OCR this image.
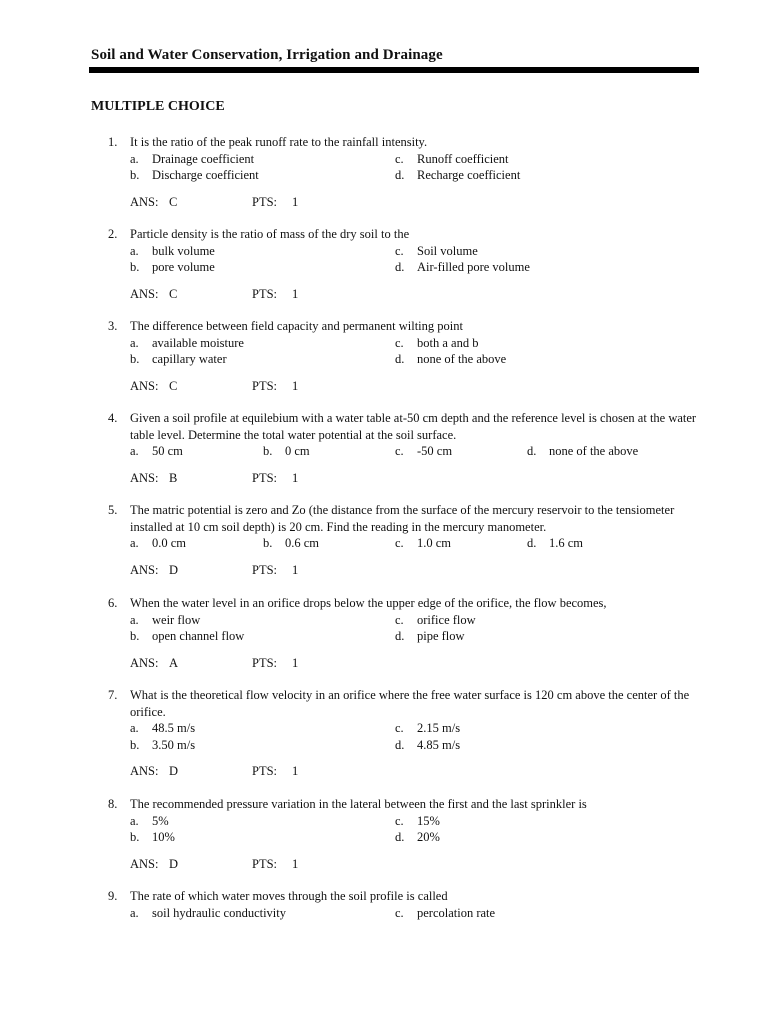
Soil and Water Conservation, Irrigation and Drainage
MULTIPLE CHOICE
1. It is the ratio of the peak runoff rate to the rainfall intensity.
a. Drainage coefficient	c. Runoff coefficient
b. Discharge coefficient	d. Recharge coefficient
ANS: C	PTS: 1
2. Particle density is the ratio of mass of the dry soil to the
a. bulk volume	c. Soil volume
b. pore volume	d. Air-filled pore volume
ANS: C	PTS: 1
3. The difference between field capacity and permanent wilting point
a. available moisture	c. both a and b
b. capillary water	d. none of the above
ANS: C	PTS: 1
4. Given a soil profile at equilebium with a water table at-50 cm depth and the reference level is chosen at the water table level. Determine the total water potential at the soil surface.
a. 50 cm	b. 0 cm	c. -50 cm	d. none of the above
ANS: B	PTS: 1
5. The matric potential is zero and Zo (the distance from the surface of the mercury reservoir to the tensiometer installed at 10 cm soil depth) is 20 cm. Find the reading in the mercury manometer.
a. 0.0 cm	b. 0.6 cm	c. 1.0 cm	d. 1.6 cm
ANS: D	PTS: 1
6. When the water level in an orifice drops below the upper edge of the orifice, the flow becomes,
a. weir flow	c. orifice flow
b. open channel flow	d. pipe flow
ANS: A	PTS: 1
7. What is the theoretical flow velocity in an orifice where the free water surface is 120 cm above the center of the orifice.
a. 48.5 m/s	c. 2.15 m/s
b. 3.50 m/s	d. 4.85 m/s
ANS: D	PTS: 1
8. The recommended pressure variation in the lateral between the first and the last sprinkler is
a. 5%	c. 15%
b. 10%	d. 20%
ANS: D	PTS: 1
9. The rate of which water moves through the soil profile is called
a. soil hydraulic conductivity	c. percolation rate
